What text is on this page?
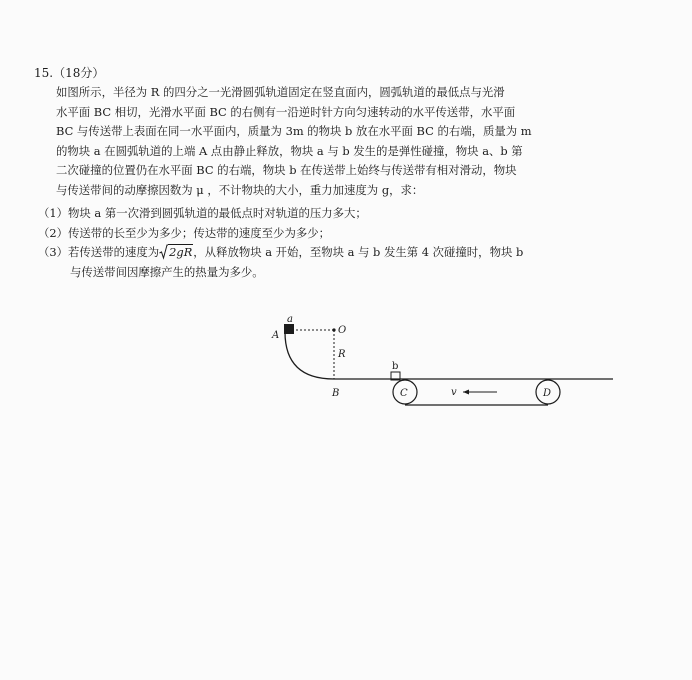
15.（18分）
如图所示，半径为 R 的四分之一光滑圆弧轨道固定在竖直面内，圆弧轨道的最低点与光滑
水平面 BC 相切，光滑水平面 BC 的右侧有一沿逆时针方向匀速转动的水平传送带，水平面
BC 与传送带上表面在同一水平面内，质量为 3m 的物块 b 放在水平面 BC 的右端，质量为 m
的物块 a 在圆弧轨道的上端 A 点由静止释放，物块 a 与 b 发生的是弹性碰撞，物块 a、b 第
二次碰撞的位置仍在水平面 BC 的右端，物块 b 在传送带上始终与传送带有相对滑动，物块
与传送带间的动摩擦因数为 μ ，不计物块的大小，重力加速度为 g，求：
（1）物块 a 第一次滑到圆弧轨道的最低点时对轨道的压力多大；
（2）传送带的长至少为多少；传达带的速度至少为多少；
（3）若传送带的速度为 2gR，从释放物块 a 开始，至物块 a 与 b 发生第 4 次碰撞时，物块 b
与传送带间因摩擦产生的热量为多少。
A
a
O
R
B
b
C	D
v
